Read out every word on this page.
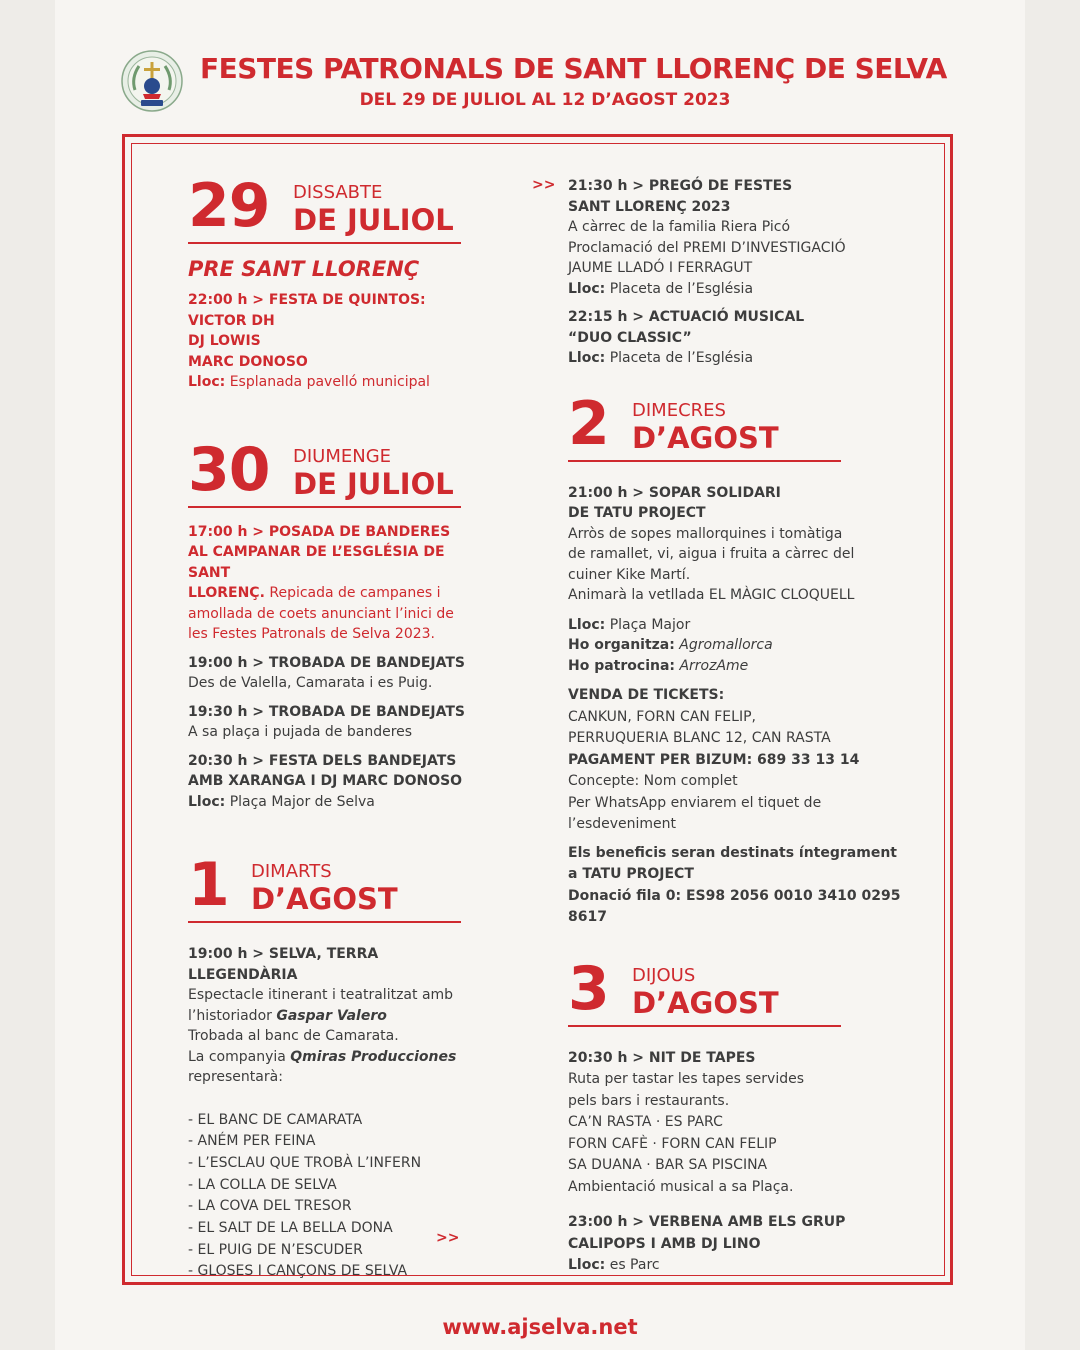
FESTES PATRONALS DE SANT LLORENÇ DE SELVA
DEL 29 DE JULIOL AL 12 D’AGOST 2023
29 DISSABTE
DE JULIOL
PRE SANT LLORENÇ
22:00 h > FESTA DE QUINTOS:
VICTOR DH
DJ LOWIS
MARC DONOSO
Lloc: Esplanada pavelló municipal
30 DIUMENGE
DE JULIOL
17:00 h > POSADA DE BANDERES
AL CAMPANAR DE L’ESGLÉSIA DE SANT
LLORENÇ. Repicada de campanes i
amollada de coets anunciant l’inici de
les Festes Patronals de Selva 2023.
19:00 h > TROBADA DE BANDEJATS
Des de Valella, Camarata i es Puig.
19:30 h > TROBADA DE BANDEJATS
A sa plaça i pujada de banderes
20:30 h > FESTA DELS BANDEJATS
AMB XARANGA I DJ MARC DONOSO
Lloc: Plaça Major de Selva
1 DIMARTS
D’AGOST
19:00 h > SELVA, TERRA LLEGENDÀRIA
Espectacle itinerant i teatralitzat amb
l’historiador Gaspar Valero
Trobada al banc de Camarata.
La companyia Qmiras Producciones
representarà:
- EL BANC DE CAMARATA
- ANÉM PER FEINA
- L’ESCLAU QUE TROBÀ L’INFERN
- LA COLLA DE SELVA
- LA COVA DEL TRESOR
- EL SALT DE LA BELLA DONA
- EL PUIG DE N’ESCUDER
- GLOSES I CANÇONS DE SELVA
>>
>> 21:30 h > PREGÓ DE FESTES
SANT LLORENÇ 2023
A càrrec de la familia Riera Picó
Proclamació del PREMI D’INVESTIGACIÓ
JAUME LLADÓ I FERRAGUT
Lloc: Placeta de l’Església
22:15 h > ACTUACIÓ MUSICAL
“DUO CLASSIC”
Lloc: Placeta de l’Església
2 DIMECRES
D’AGOST
21:00 h > SOPAR SOLIDARI
DE TATU PROJECT
Arròs de sopes mallorquines i tomàtiga
de ramallet, vi, aigua i fruita a càrrec del
cuiner Kike Martí.
Animarà la vetllada EL MÀGIC CLOQUELL
Lloc: Plaça Major
Ho organitza: Agromallorca
Ho patrocina: ArrozAme
VENDA DE TICKETS:
CANKUN, FORN CAN FELIP,
PERRUQUERIA BLANC 12, CAN RASTA
PAGAMENT PER BIZUM: 689 33 13 14
Concepte: Nom complet
Per WhatsApp enviarem el tiquet de
l’esdeveniment
Els beneficis seran destinats íntegrament
a TATU PROJECT
Donació fila 0: ES98 2056 0010 3410 0295 8617
3 DIJOUS
D’AGOST
20:30 h > NIT DE TAPES
Ruta per tastar les tapes servides
pels bars i restaurants.
CA’N RASTA · ES PARC
FORN CAFÈ · FORN CAN FELIP
SA DUANA · BAR SA PISCINA
Ambientació musical a sa Plaça.
23:00 h > VERBENA AMB ELS GRUP
CALIPOPS I AMB DJ LINO
Lloc: es Parc
www.ajselva.net
